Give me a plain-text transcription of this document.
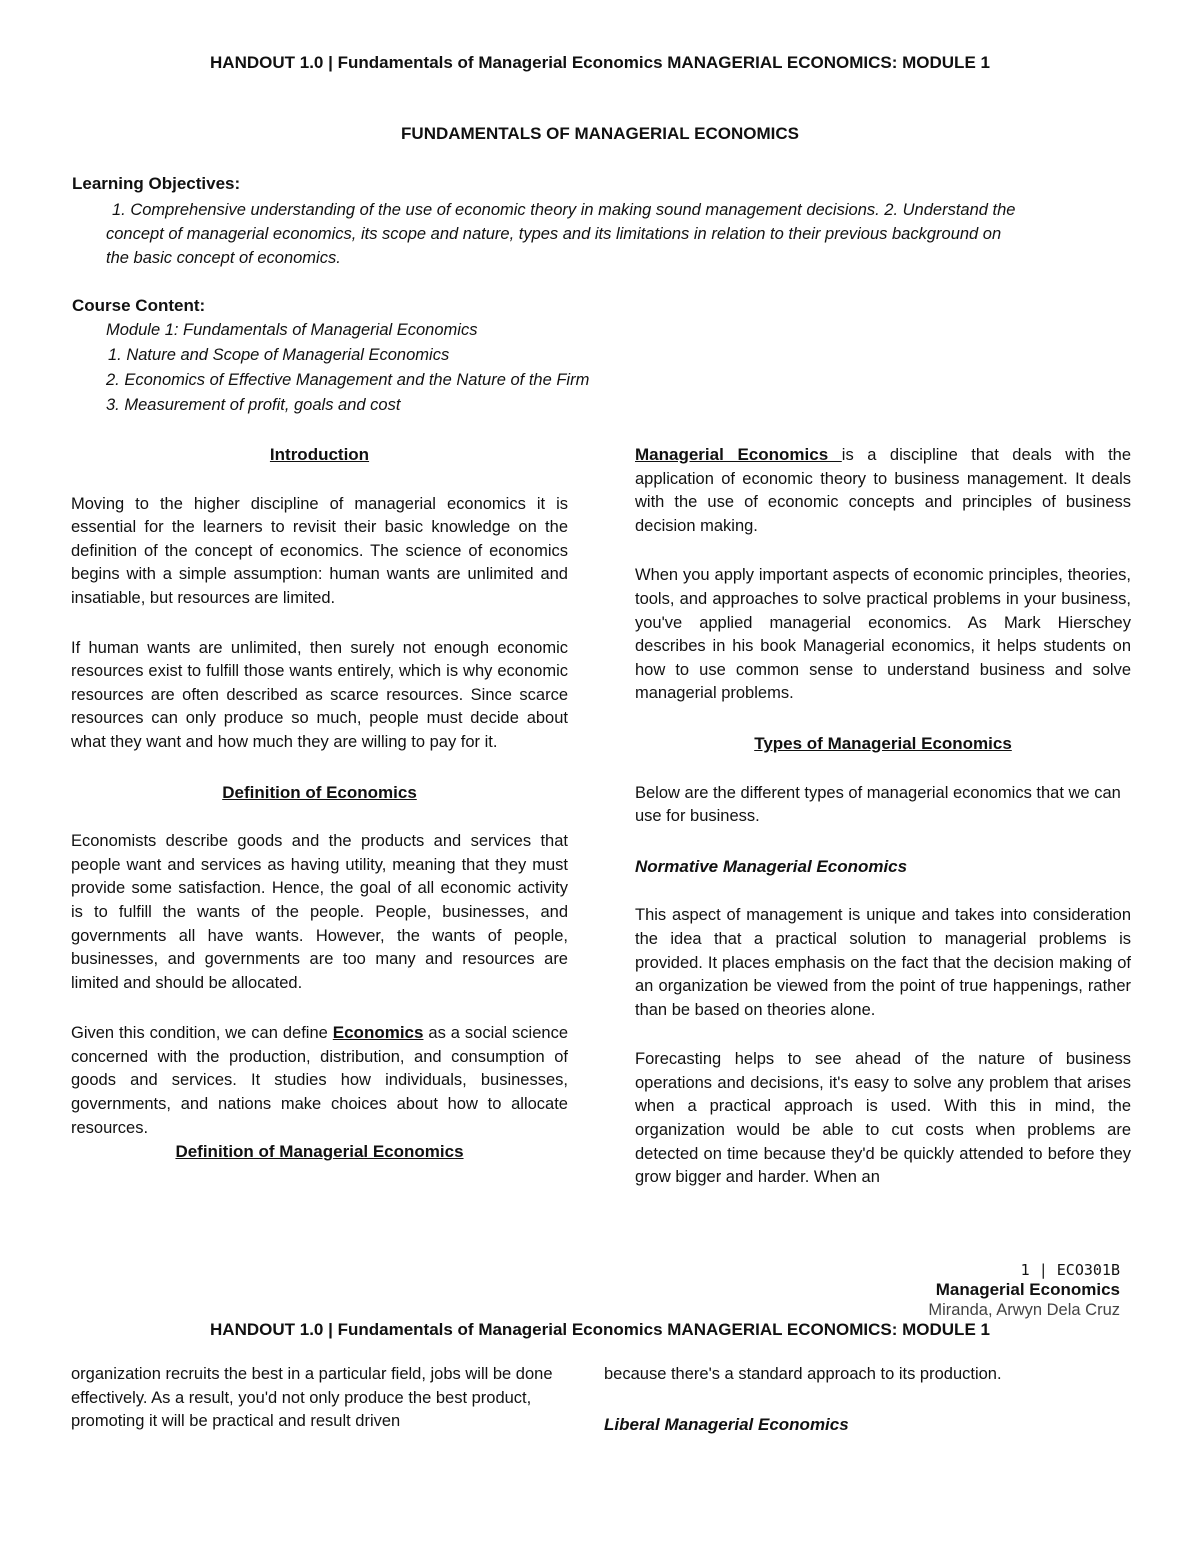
HANDOUT 1.0 | Fundamentals of Managerial Economics MANAGERIAL ECONOMICS: MODULE 1
FUNDAMENTALS OF MANAGERIAL ECONOMICS
Learning Objectives:
1. Comprehensive understanding of the use of economic theory in making sound management decisions. 2. Understand the
concept of managerial economics, its scope and nature, types and its limitations in relation to their previous background on
the basic concept of economics.
Course Content:
Module 1: Fundamentals of Managerial Economics
1. Nature and Scope of Managerial Economics
2. Economics of Effective Management and the Nature of the Firm
3. Measurement of profit, goals and cost
Introduction

Moving to the higher discipline of managerial economics it is essential for the learners to revisit their basic knowledge on the definition of the concept of economics. The science of economics begins with a simple assumption: human wants are unlimited and insatiable, but resources are limited.

If human wants are unlimited, then surely not enough economic resources exist to fulfill those wants entirely, which is why economic resources are often described as scarce resources. Since scarce resources can only produce so much, people must decide about what they want and how much they are willing to pay for it.

Definition of Economics

Economists describe goods and the products and services that people want and services as having utility, meaning that they must provide some satisfaction. Hence, the goal of all economic activity is to fulfill the wants of the people. People, businesses, and governments all have wants. However, the wants of people, businesses, and governments are too many and resources are limited and should be allocated.

Given this condition, we can define Economics as a social science concerned with the production, distribution, and consumption of goods and services. It studies how individuals, businesses, governments, and nations make choices about how to allocate resources.

Definition of Managerial Economics

Managerial Economics is a discipline that deals with the application of economic theory to business management. It deals with the use of economic concepts and principles of business decision making.

When you apply important aspects of economic principles, theories, tools, and approaches to solve practical problems in your business, you've applied managerial economics. As Mark Hierschey describes in his book Managerial economics, it helps students on how to use common sense to understand business and solve managerial problems.

Types of Managerial Economics

Below are the different types of managerial economics that we can use for business.

Normative Managerial Economics

This aspect of management is unique and takes into consideration the idea that a practical solution to managerial problems is provided. It places emphasis on the fact that the decision making of an organization be viewed from the point of true happenings, rather than be based on theories alone.

Forecasting helps to see ahead of the nature of business operations and decisions, it's easy to solve any problem that arises when a practical approach is used. With this in mind, the organization would be able to cut costs when problems are detected on time because they'd be quickly attended to before they grow bigger and harder. When an

1 | ECO301B
Managerial Economics
Miranda, Arwyn Dela Cruz
HANDOUT 1.0 | Fundamentals of Managerial Economics MANAGERIAL ECONOMICS: MODULE 1
organization recruits the best in a particular field, jobs will be done effectively. As a result, you'd not only produce the best product, promoting it will be practical and result driven

because there's a standard approach to its production.

Liberal Managerial Economics
